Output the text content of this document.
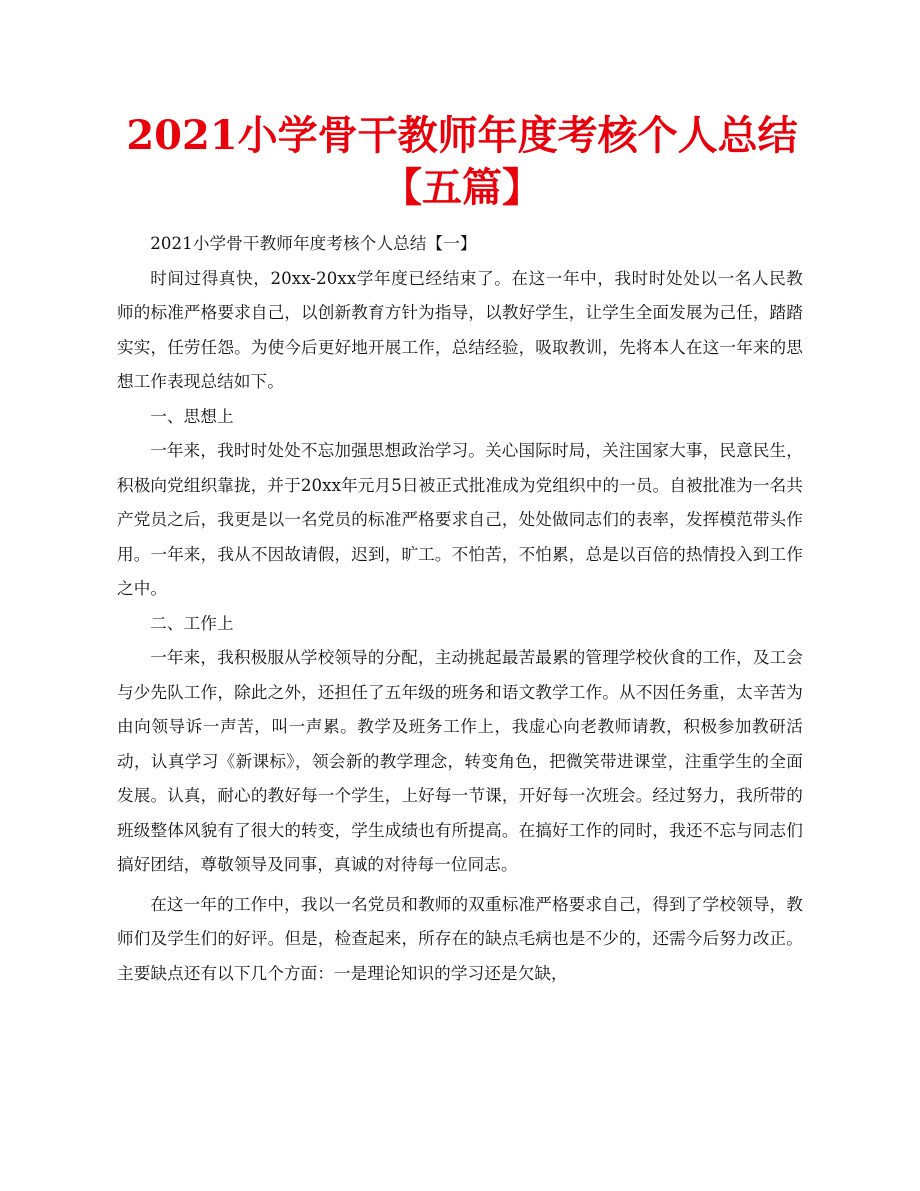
2021小学骨干教师年度考核个人总结【五篇】

2021小学骨干教师年度考核个人总结【一】

时间过得真快，20xx-20xx学年度已经结束了。在这一年中，我时时处处以一名人民教师的标准严格要求自己，以创新教育方针为指导，以教好学生，让学生全面发展为己任，踏踏实实，任劳任怨。为使今后更好地开展工作，总结经验，吸取教训，先将本人在这一年来的思想工作表现总结如下。

一、思想上

一年来，我时时处处不忘加强思想政治学习。关心国际时局，关注国家大事，民意民生，积极向党组织靠拢，并于20xx年元月5日被正式批准成为党组织中的一员。自被批准为一名共产党员之后，我更是以一名党员的标准严格要求自己，处处做同志们的表率，发挥模范带头作用。一年来，我从不因故请假，迟到，旷工。不怕苦，不怕累，总是以百倍的热情投入到工作之中。

二、工作上

一年来，我积极服从学校领导的分配，主动挑起最苦最累的管理学校伙食的工作，及工会与少先队工作，除此之外，还担任了五年级的班务和语文教学工作。从不因任务重，太辛苦为由向领导诉一声苦，叫一声累。教学及班务工作上，我虚心向老教师请教，积极参加教研活动，认真学习《新课标》，领会新的教学理念，转变角色，把微笑带进课堂，注重学生的全面发展。认真，耐心的教好每一个学生，上好每一节课，开好每一次班会。经过努力，我所带的班级整体风貌有了很大的转变，学生成绩也有所提高。在搞好工作的同时，我还不忘与同志们搞好团结，尊敬领导及同事，真诚的对待每一位同志。

在这一年的工作中，我以一名党员和教师的双重标准严格要求自己，得到了学校领导，教师们及学生们的好评。但是，检查起来，所存在的缺点毛病也是不少的，还需今后努力改正。主要缺点还有以下几个方面：一是理论知识的学习还是欠缺，
